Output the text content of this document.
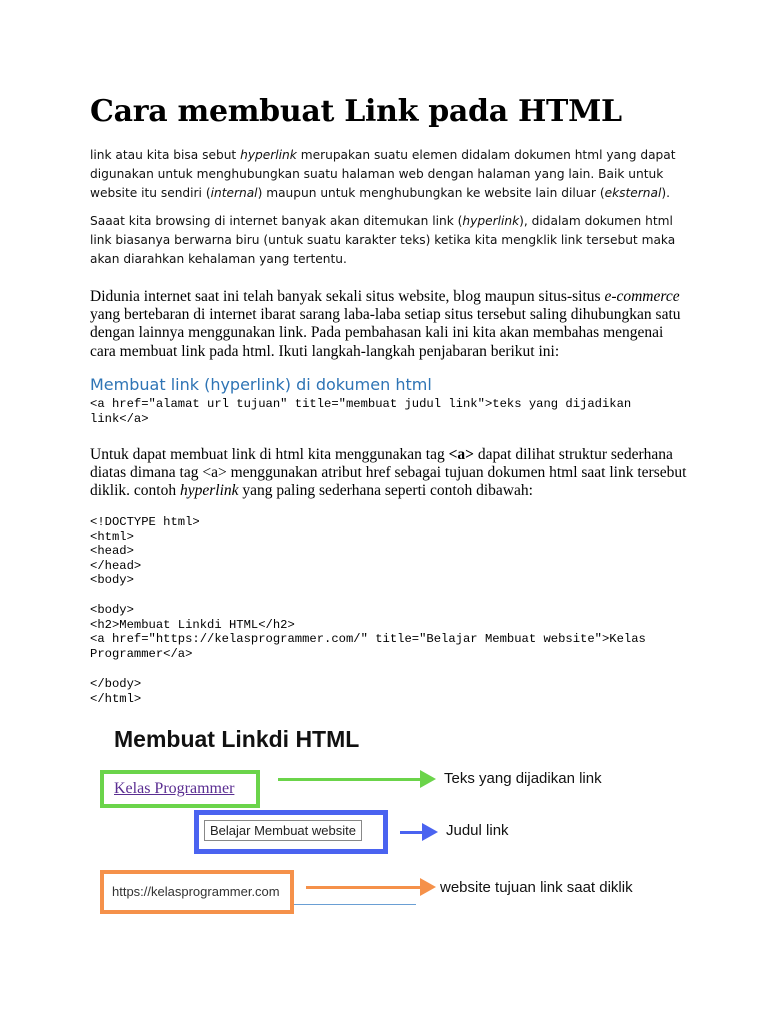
Cara membuat Link pada HTML

link atau kita bisa sebut hyperlink merupakan suatu elemen didalam dokumen html yang dapat digunakan untuk menghubungkan suatu halaman web dengan halaman yang lain. Baik untuk website itu sendiri (internal) maupun untuk menghubungkan ke website lain diluar (eksternal).

Saaat kita browsing di internet banyak akan ditemukan link (hyperlink), didalam dokumen html link biasanya berwarna biru (untuk suatu karakter teks) ketika kita mengklik link tersebut maka akan diarahkan kehalaman yang tertentu.

Didunia internet saat ini telah banyak sekali situs website, blog maupun situs-situs e-commerce yang bertebaran di internet ibarat sarang laba-laba setiap situs tersebut saling dihubungkan satu dengan lainnya menggunakan link. Pada pembahasan kali ini kita akan membahas mengenai cara membuat link pada html. Ikuti langkah-langkah penjabaran berikut ini:

Membuat link (hyperlink) di dokumen html
<a href="alamat url tujuan" title="membuat judul link">teks yang dijadikan link</a>

Untuk dapat membuat link di html kita menggunakan tag <a> dapat dilihat struktur sederhana diatas dimana tag <a> menggunakan atribut href sebagai tujuan dokumen html saat link tersebut diklik. contoh hyperlink yang paling sederhana seperti contoh dibawah:

<!DOCTYPE html>
<html>
<head>
</head>
<body>
<body>
<h2>Membuat Linkdi HTML</h2>
<a href="https://kelasprogrammer.com/" title="Belajar Membuat website">Kelas Programmer</a>
</body>
</html>
Membuat Linkdi HTML
Kelas Programmer
Teks yang dijadikan link
Belajar Membuat website	Judul link
https://kelasprogrammer.com	website tujuan link saat diklik
